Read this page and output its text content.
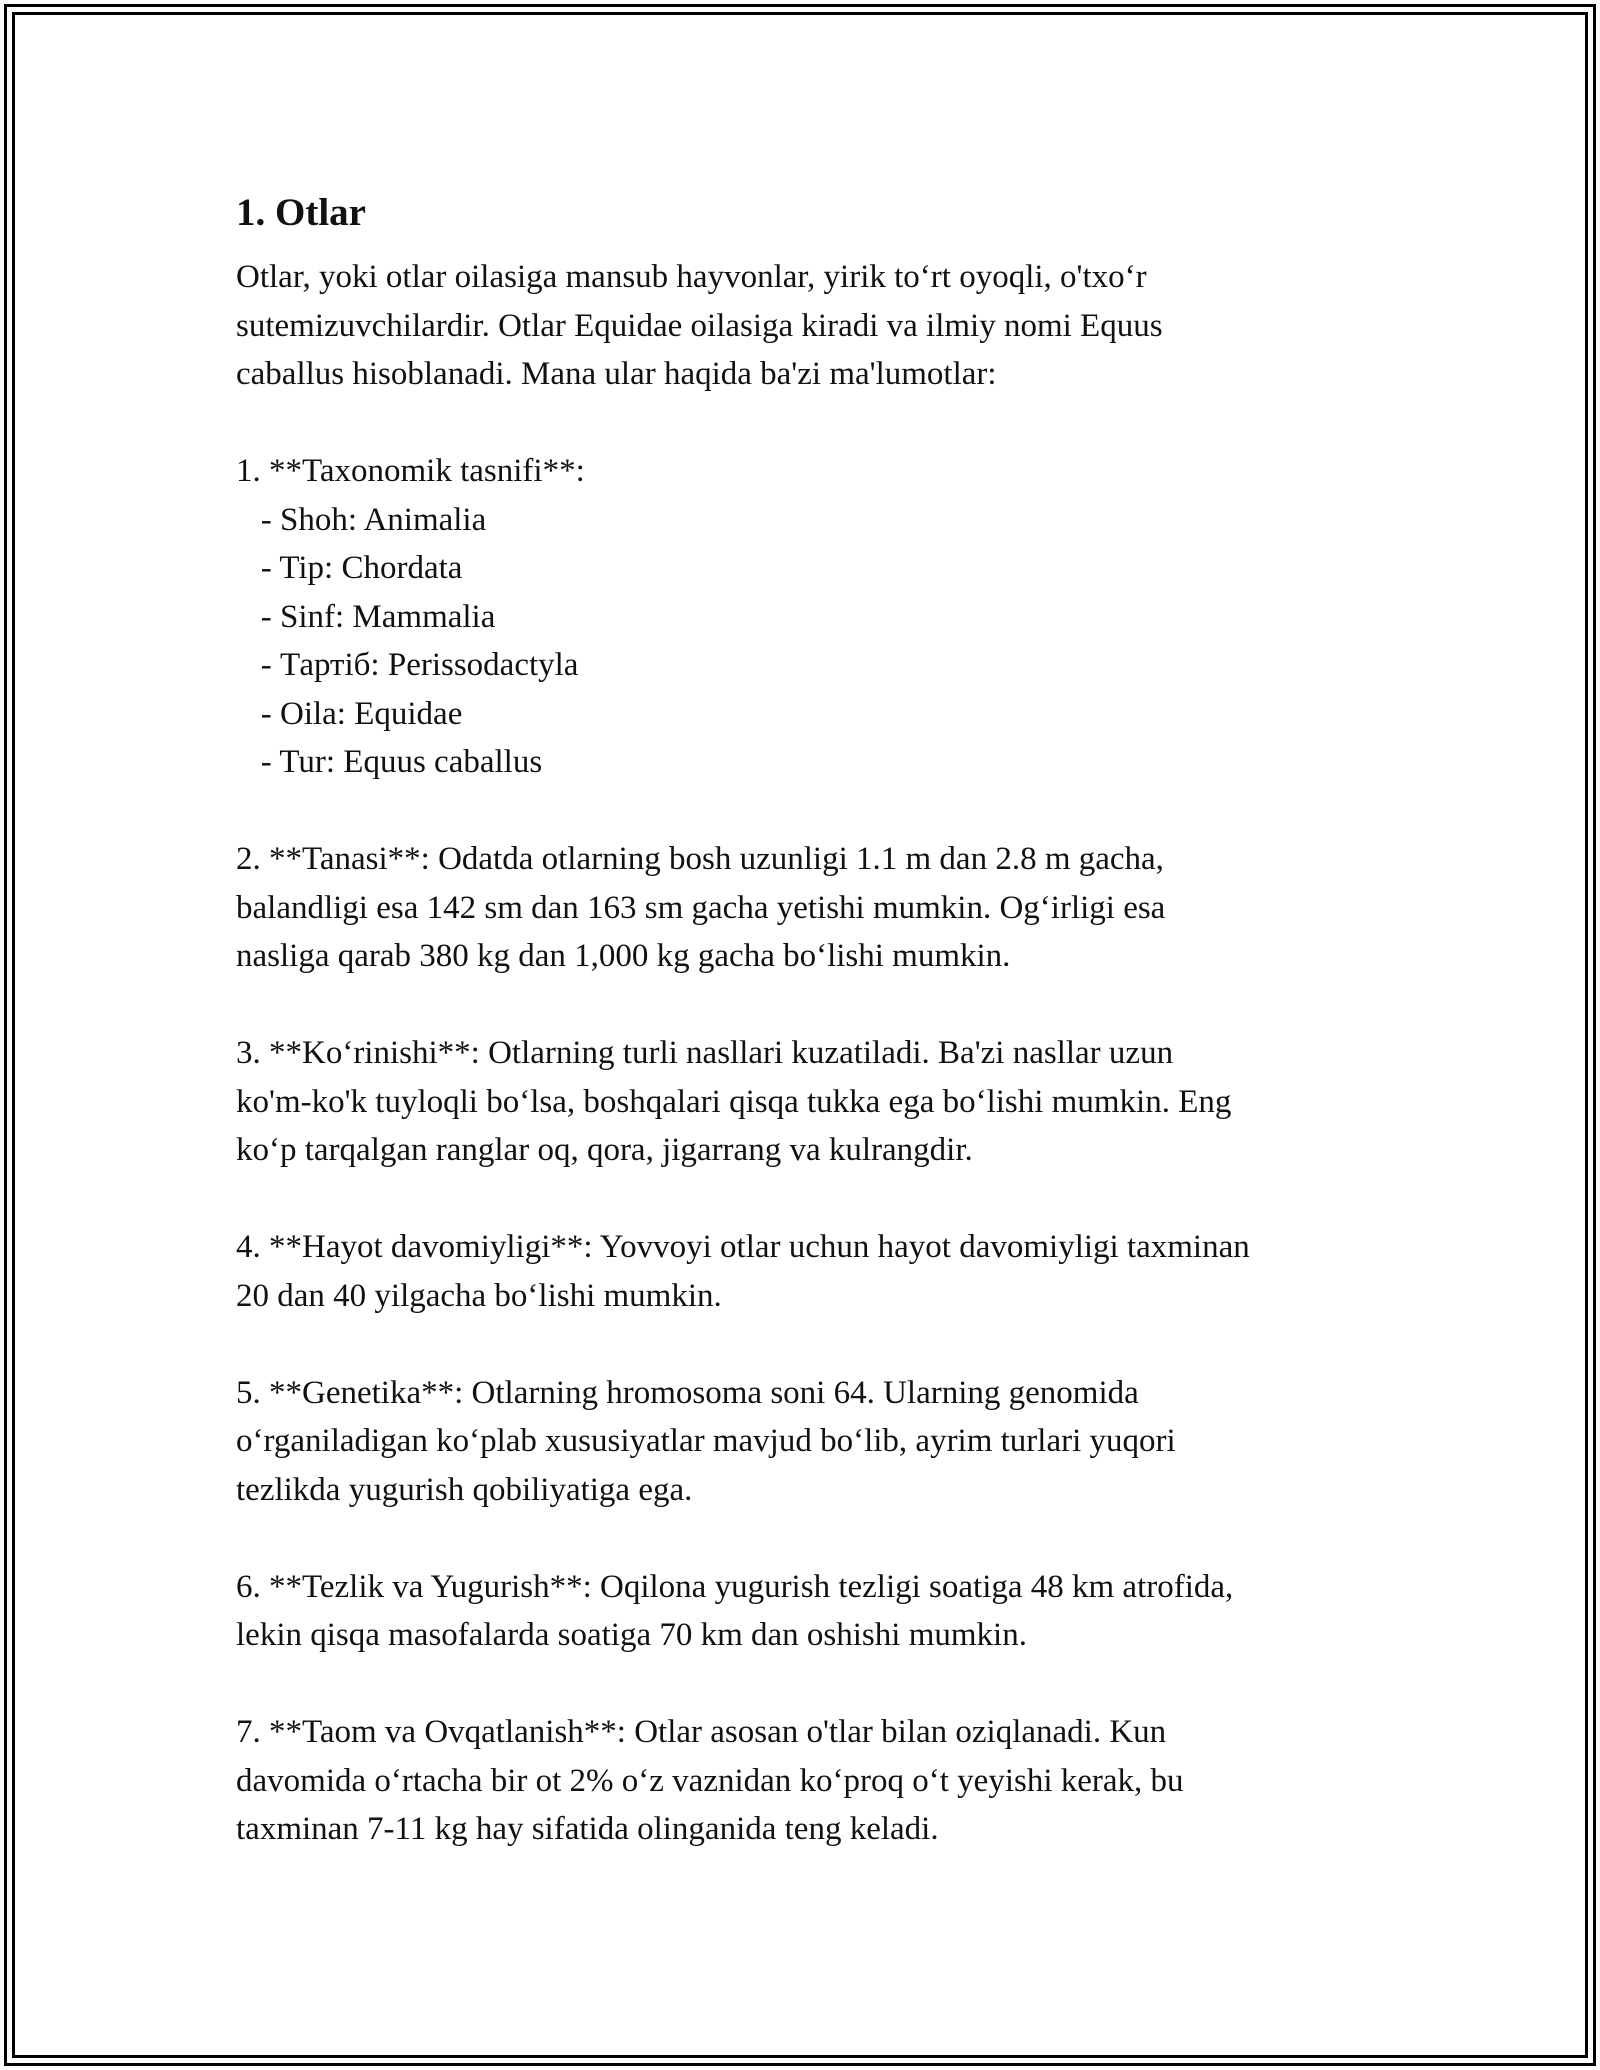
1. Otlar
Otlar, yoki otlar oilasiga mansub hayvonlar, yirik to‘rt oyoqli, o'txo‘r
sutemizuvchilardir. Otlar Equidae oilasiga kiradi va ilmiy nomi Equus
caballus hisoblanadi. Mana ular haqida ba'zi ma'lumotlar:

1. **Taxonomik tasnifi**:
- Shoh: Animalia
- Tip: Chordata
- Sinf: Mammalia
- Тартiб: Perissodactyla
- Oila: Equidae
- Tur: Equus caballus

2. **Tanasi**: Odatda otlarning bosh uzunligi 1.1 m dan 2.8 m gacha,
balandligi esa 142 sm dan 163 sm gacha yetishi mumkin. Og‘irligi esa
nasliga qarab 380 kg dan 1,000 kg gacha bo‘lishi mumkin.

3. **Ko‘rinishi**: Otlarning turli nasllari kuzatiladi. Ba'zi nasllar uzun
ko'm-ko'k tuyloqli bo‘lsa, boshqalari qisqa tukka ega bo‘lishi mumkin. Eng
ko‘p tarqalgan ranglar oq, qora, jigarrang va kulrangdir.

4. **Hayot davomiyligi**: Yovvoyi otlar uchun hayot davomiyligi taxminan
20 dan 40 yilgacha bo‘lishi mumkin.

5. **Genetika**: Otlarning hromosoma soni 64. Ularning genomida
o‘rganiladigan ko‘plab xususiyatlar mavjud bo‘lib, ayrim turlari yuqori
tezlikda yugurish qobiliyatiga ega.

6. **Tezlik va Yugurish**: Oqilona yugurish tezligi soatiga 48 km atrofida,
lekin qisqa masofalarda soatiga 70 km dan oshishi mumkin.

7. **Taom va Ovqatlanish**: Otlar asosan o'tlar bilan oziqlanadi. Kun
davomida o‘rtacha bir ot 2% o‘z vaznidan ko‘proq o‘t yeyishi kerak, bu
taxminan 7-11 kg hay sifatida olinganida teng keladi.
